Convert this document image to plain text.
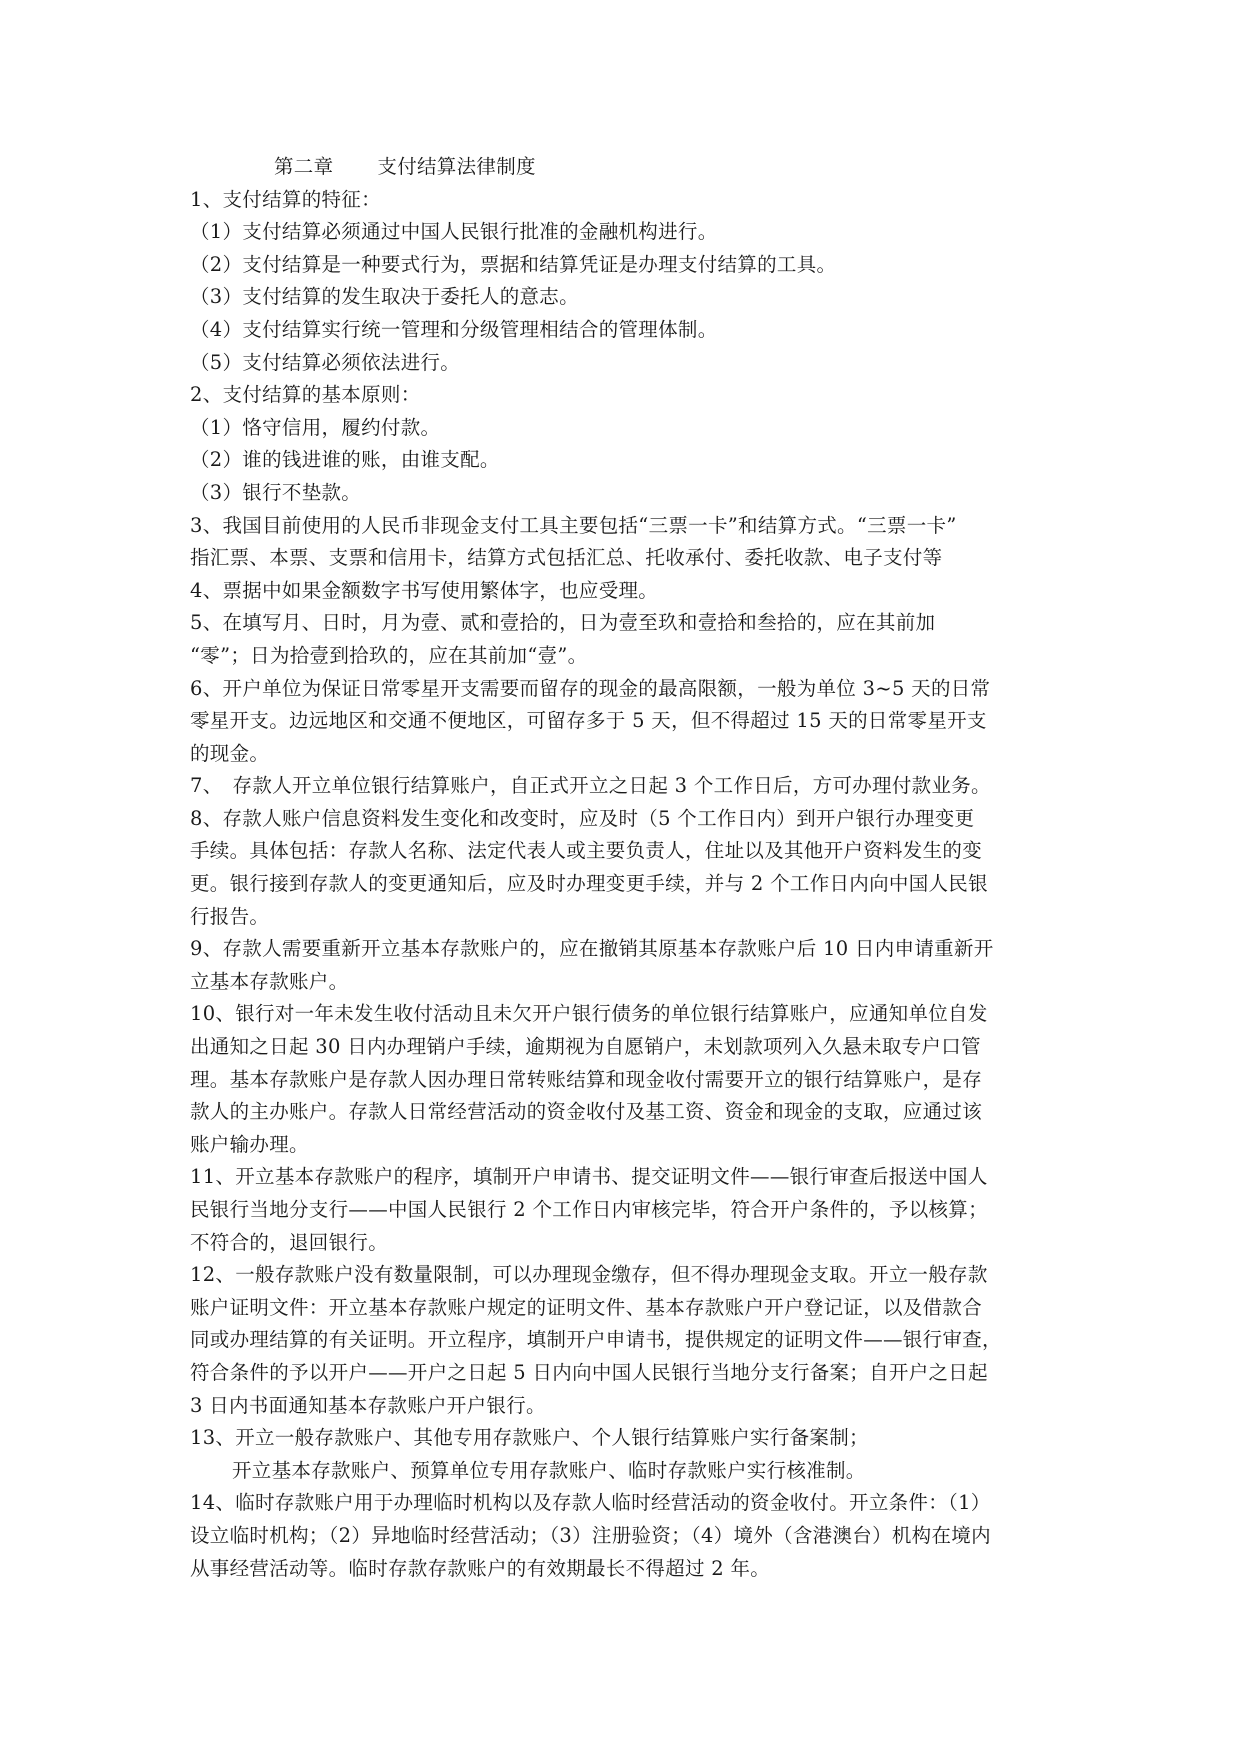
第二章 支付结算法律制度
1、支付结算的特征：
（1）支付结算必须通过中国人民银行批准的金融机构进行。
（2）支付结算是一种要式行为，票据和结算凭证是办理支付结算的工具。
（3）支付结算的发生取决于委托人的意志。
（4）支付结算实行统一管理和分级管理相结合的管理体制。
（5）支付结算必须依法进行。
2、支付结算的基本原则：
（1）恪守信用，履约付款。
（2）谁的钱进谁的账，由谁支配。
（3）银行不垫款。
3、我国目前使用的人民币非现金支付工具主要包括“三票一卡”和结算方式。“三票一卡”
指汇票、本票、支票和信用卡，结算方式包括汇总、托收承付、委托收款、电子支付等
4、票据中如果金额数字书写使用繁体字，也应受理。
5、在填写月、日时，月为壹、贰和壹拾的，日为壹至玖和壹拾和叁拾的，应在其前加
“零”；日为拾壹到拾玖的，应在其前加“壹”。
6、开户单位为保证日常零星开支需要而留存的现金的最高限额，一般为单位 3~5 天的日常
零星开支。边远地区和交通不便地区，可留存多于 5 天，但不得超过 15 天的日常零星开支
的现金。
7、　存款人开立单位银行结算账户，自正式开立之日起 3 个工作日后，方可办理付款业务。
8、存款人账户信息资料发生变化和改变时，应及时（5 个工作日内）到开户银行办理变更
手续。具体包括：存款人名称、法定代表人或主要负责人，住址以及其他开户资料发生的变
更。银行接到存款人的变更通知后，应及时办理变更手续，并与 2 个工作日内向中国人民银
行报告。
9、存款人需要重新开立基本存款账户的，应在撤销其原基本存款账户后 10 日内申请重新开
立基本存款账户。
10、银行对一年未发生收付活动且未欠开户银行债务的单位银行结算账户，应通知单位自发
出通知之日起 30 日内办理销户手续，逾期视为自愿销户，未划款项列入久悬未取专户口管
理。基本存款账户是存款人因办理日常转账结算和现金收付需要开立的银行结算账户，是存
款人的主办账户。存款人日常经营活动的资金收付及基工资、资金和现金的支取，应通过该
账户输办理。
11、开立基本存款账户的程序，填制开户申请书、提交证明文件——银行审查后报送中国人
民银行当地分支行——中国人民银行 2 个工作日内审核完毕，符合开户条件的，予以核算；
不符合的，退回银行。
12、一般存款账户没有数量限制，可以办理现金缴存，但不得办理现金支取。开立一般存款
账户证明文件：开立基本存款账户规定的证明文件、基本存款账户开户登记证，以及借款合
同或办理结算的有关证明。开立程序，填制开户申请书，提供规定的证明文件——银行审查，
符合条件的予以开户——开户之日起 5 日内向中国人民银行当地分支行备案；自开户之日起
3 日内书面通知基本存款账户开户银行。
13、开立一般存款账户、其他专用存款账户、个人银行结算账户实行备案制；
开立基本存款账户、预算单位专用存款账户、临时存款账户实行核准制。
14、临时存款账户用于办理临时机构以及存款人临时经营活动的资金收付。开立条件：（1）
设立临时机构；（2）异地临时经营活动；（3）注册验资；（4）境外（含港澳台）机构在境内
从事经营活动等。临时存款存款账户的有效期最长不得超过 2 年。
